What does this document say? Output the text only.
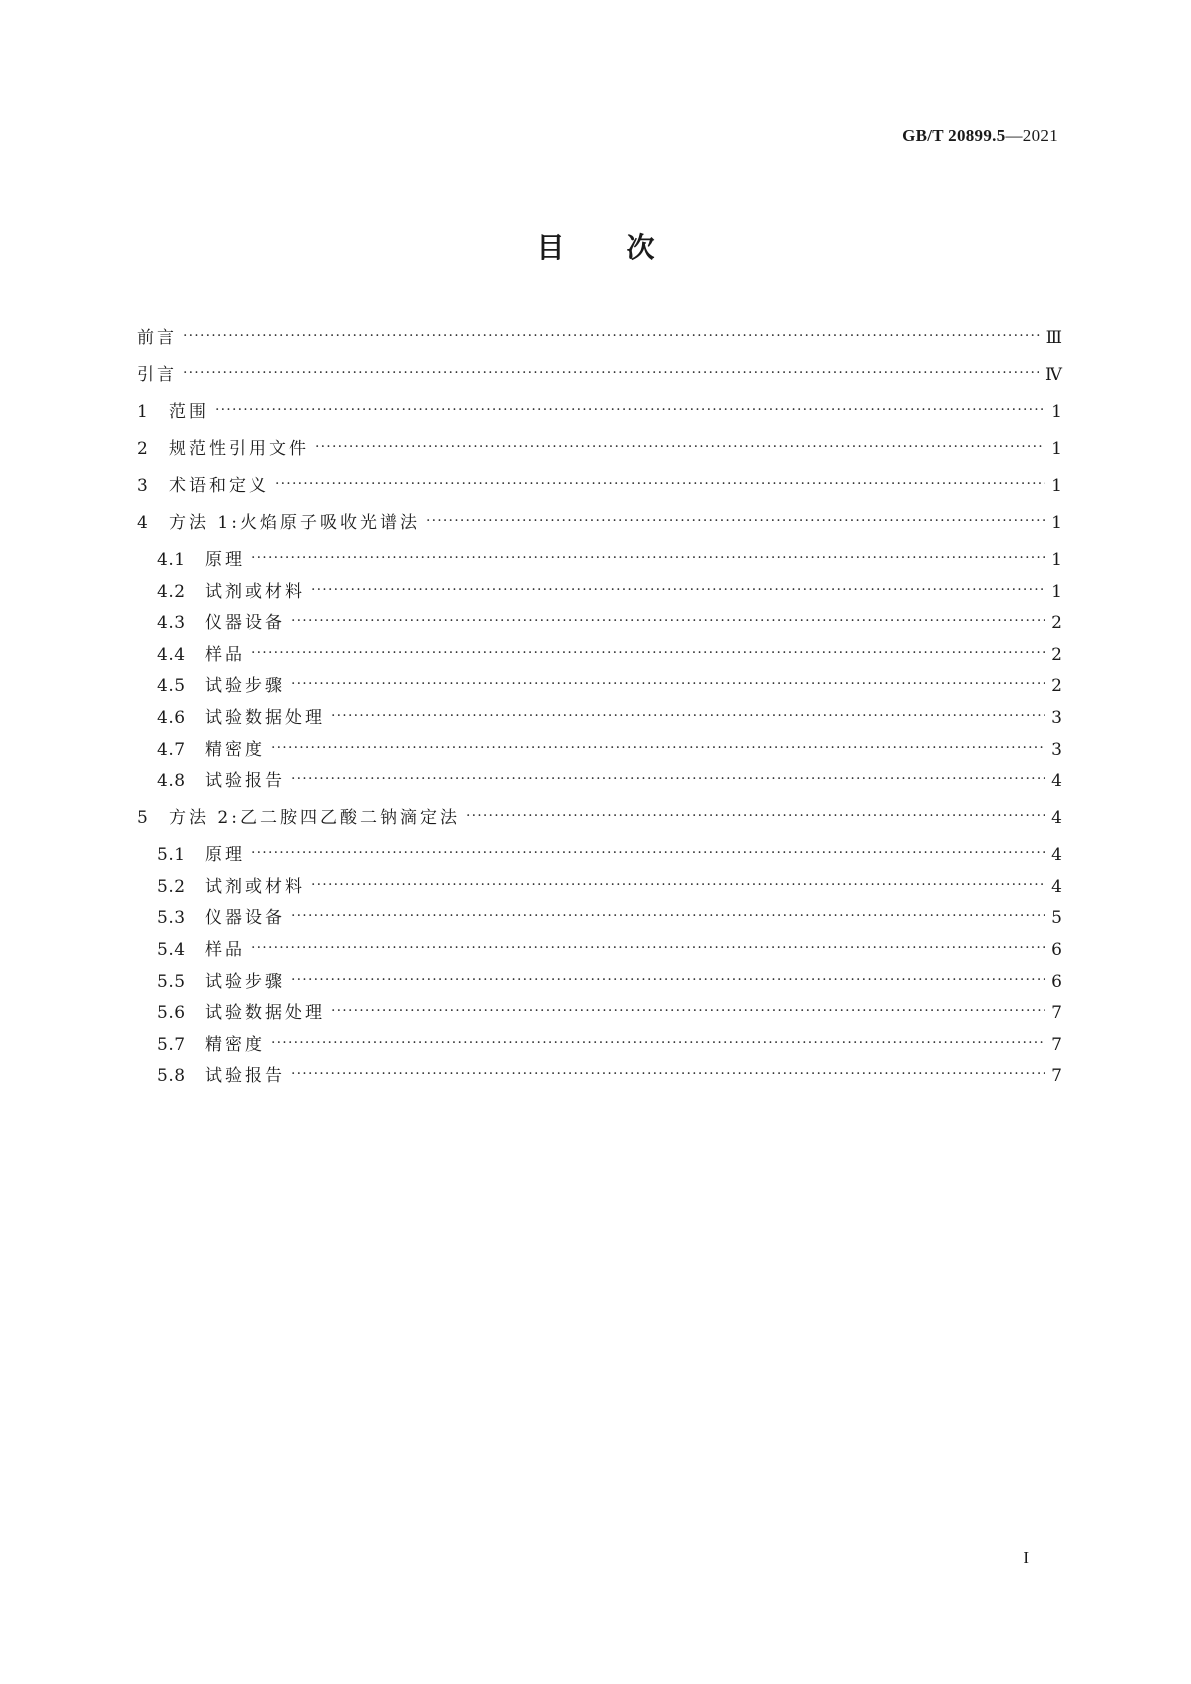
GB/T 20899.5—2021
目次
前言 ·····	Ⅲ
引言 ·····	Ⅳ
1	范围 ·····	1
2	规范性引用文件 ·····	1
3	术语和定义 ·····	1
4	方法 1:火焰原子吸收光谱法 ·····	1
4.1	原理 ·····	1
4.2	试剂或材料 ·····	1
4.3	仪器设备 ·····	2
4.4	样品 ·····	2
4.5	试验步骤 ·····	2
4.6	试验数据处理 ·····	3
4.7	精密度 ·····	3
4.8	试验报告 ·····	4
5	方法 2:乙二胺四乙酸二钠滴定法 ·····	4
5.1	原理 ·····	4
5.2	试剂或材料 ·····	4
5.3	仪器设备 ·····	5
5.4	样品 ·····	6
5.5	试验步骤 ·····	6
5.6	试验数据处理 ·····	7
5.7	精密度 ·····	7
5.8	试验报告 ·····	7
I
